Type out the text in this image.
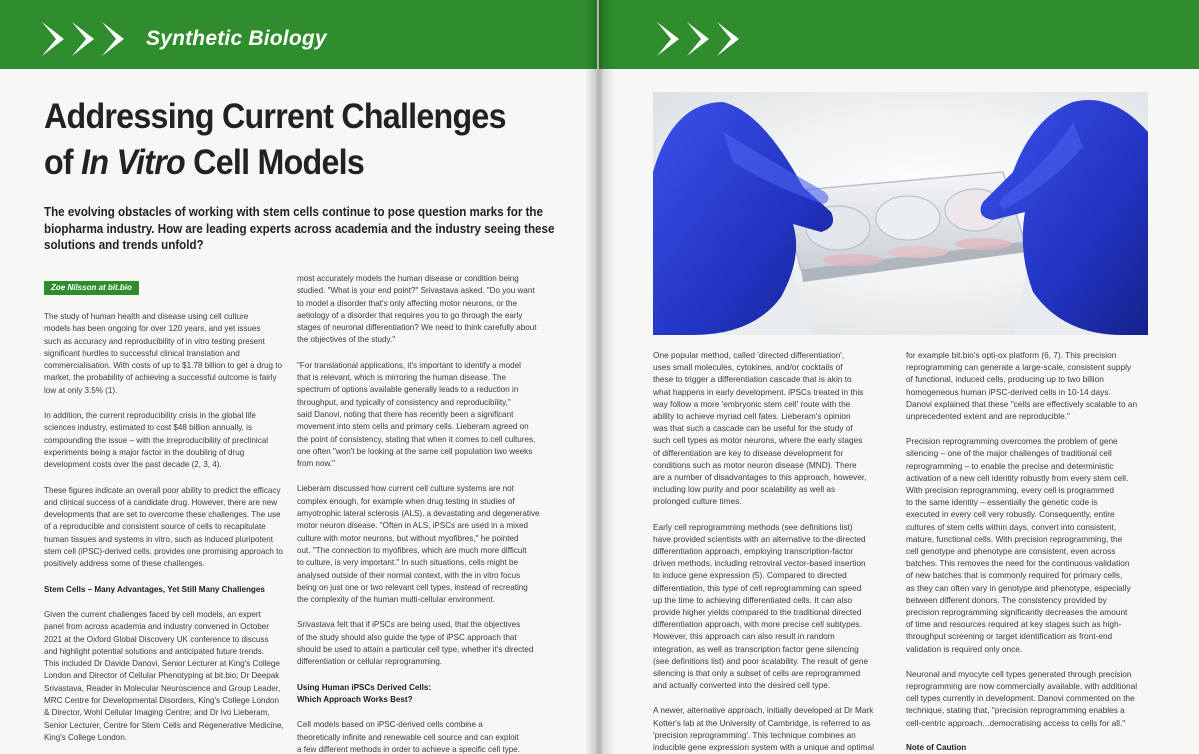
Synthetic Biology
Addressing Current Challenges
of In Vitro Cell Models
The evolving obstacles of working with stem cells continue to pose question marks for the
biopharma industry. How are leading experts across academia and the industry seeing these
solutions and trends unfold?
Zoe Nilsson at bit.bio

The study of human health and disease using cell culture
models has been ongoing for over 120 years, and yet issues
such as accuracy and reproducibility of in vitro testing present
significant hurdles to successful clinical translation and
commercialisation. With costs of up to $1.78 billion to get a drug to
market, the probability of achieving a successful outcome is fairly
low at only 3.5% (1).

In addition, the current reproducibility crisis in the global life
sciences industry, estimated to cost $48 billion annually, is
compounding the issue – with the irreproducibility of preclinical
experiments being a major factor in the doubling of drug
development costs over the past decade (2, 3, 4).

These figures indicate an overall poor ability to predict the efficacy
and clinical success of a candidate drug. However, there are new
developments that are set to overcome these challenges. The use
of a reproducible and consistent source of cells to recapitulate
human tissues and systems in vitro, such as induced pluripotent
stem cell (iPSC)-derived cells, provides one promising approach to
positively address some of these challenges.

Stem Cells – Many Advantages, Yet Still Many Challenges

Given the current challenges faced by cell models, an expert
panel from across academia and industry convened in October
2021 at the Oxford Global Discovery UK conference to discuss
and highlight potential solutions and anticipated future trends.
This included Dr Davide Danovi, Senior Lecturer at King's College
London and Director of Cellular Phenotyping at bit.bio; Dr Deepak
Srivastava, Reader in Molecular Neuroscience and Group Leader,
MRC Centre for Developmental Disorders, King's College London
& Director, Wohl Cellular Imaging Centre; and Dr Ivo Lieberam,
Senior Lecturer, Centre for Stem Cells and Regenerative Medicine,
King's College London.

most accurately models the human disease or condition being
studied. "What is your end point?" Srivastava asked. "Do you want
to model a disorder that's only affecting motor neurons, or the
aetiology of a disorder that requires you to go through the early
stages of neuronal differentiation? We need to think carefully about
the objectives of the study."

"For translational applications, it's important to identify a model
that is relevant, which is mirroring the human disease. The
spectrum of options available generally leads to a reduction in
throughput, and typically of consistency and reproducibility,"
said Danovi, noting that there has recently been a significant
movement into stem cells and primary cells. Lieberam agreed on
the point of consistency, stating that when it comes to cell cultures,
one often "won't be looking at the same cell population two weeks
from now."

Lieberam discussed how current cell culture systems are not
complex enough, for example when drug testing in studies of
amyotrophic lateral sclerosis (ALS), a devastating and degenerative
motor neuron disease. "Often in ALS, iPSCs are used in a mixed
culture with motor neurons, but without myofibres," he pointed
out. "The connection to myofibres, which are much more difficult
to culture, is very important." In such situations, cells might be
analysed outside of their normal context, with the in vitro focus
being on just one or two relevant cell types, instead of recreating
the complexity of the human multi-cellular environment.

Srivastava felt that if iPSCs are being used, that the objectives
of the study should also guide the type of iPSC approach that
should be used to attain a particular cell type, whether it's directed
differentiation or cellular reprogramming.

Using Human iPSCs Derived Cells:
Which Approach Works Best?

Cell models based on iPSC-derived cells combine a
theoretically infinite and renewable cell source and can exploit
a few different methods in order to achieve a specific cell type.

One popular method, called 'directed differentiation',
uses small molecules, cytokines, and/or cocktails of
these to trigger a differentiation cascade that is akin to
what happens in early development. iPSCs treated in this
way follow a more 'embryonic stem cell' route with the
ability to achieve myriad cell fates. Lieberam's opinion
was that such a cascade can be useful for the study of
such cell types as motor neurons, where the early stages
of differentiation are key to disease development for
conditions such as motor neuron disease (MND). There
are a number of disadvantages to this approach, however,
including low purity and poor scalability as well as
prolonged culture times.

Early cell reprogramming methods (see definitions list)
have provided scientists with an alternative to the directed
differentiation approach, employing transcription-factor
driven methods, including retroviral vector-based insertion
to induce gene expression (5). Compared to directed
differentiation, this type of cell reprogramming can speed
up the time to achieving differentiated cells. It can also
provide higher yields compared to the traditional directed
differentiation approach, with more precise cell subtypes.
However, this approach can also result in random
integration, as well as transcription factor gene silencing
(see definitions list) and poor scalability. The result of gene
silencing is that only a subset of cells are reprogrammed
and actually converted into the desired cell type.

A newer, alternative approach, initially developed at Dr Mark
Kotter's lab at the University of Cambridge, is referred to as
'precision reprogramming'. This technique combines an
inducible gene expression system with a unique and optimal

for example bit.bio's opti-ox platform (6, 7). This precision
reprogramming can generate a large-scale, consistent supply
of functional, induced cells, producing up to two billion
homogeneous human iPSC-derived cells in 10-14 days.
Danovi explained that these "cells are effectively scalable to an
unprecedented extent and are reproducible."

Precision reprogramming overcomes the problem of gene
silencing – one of the major challenges of traditional cell
reprogramming – to enable the precise and deterministic
activation of a new cell identity robustly from every stem cell.
With precision reprogramming, every cell is programmed
to the same identity – essentially the genetic code is
executed in every cell very robustly. Consequently, entire
cultures of stem cells within days, convert into consistent,
mature, functional cells. With precision reprogramming, the
cell genotype and phenotype are consistent, even across
batches. This removes the need for the continuous validation
of new batches that is commonly required for primary cells,
as they can often vary in genotype and phenotype, especially
between different donors. The consistency provided by
precision reprogramming significantly decreases the amount
of time and resources required at key stages such as high-
throughput screening or target identification as front-end
validation is required only once.

Neuronal and myocyte cell types generated through precision
reprogramming are now commercially available, with additional
cell types currently in development. Danovi commented on the
technique, stating that, "precision reprogramming enables a
cell-centric approach...democratising access to cells for all."

Note of Caution
